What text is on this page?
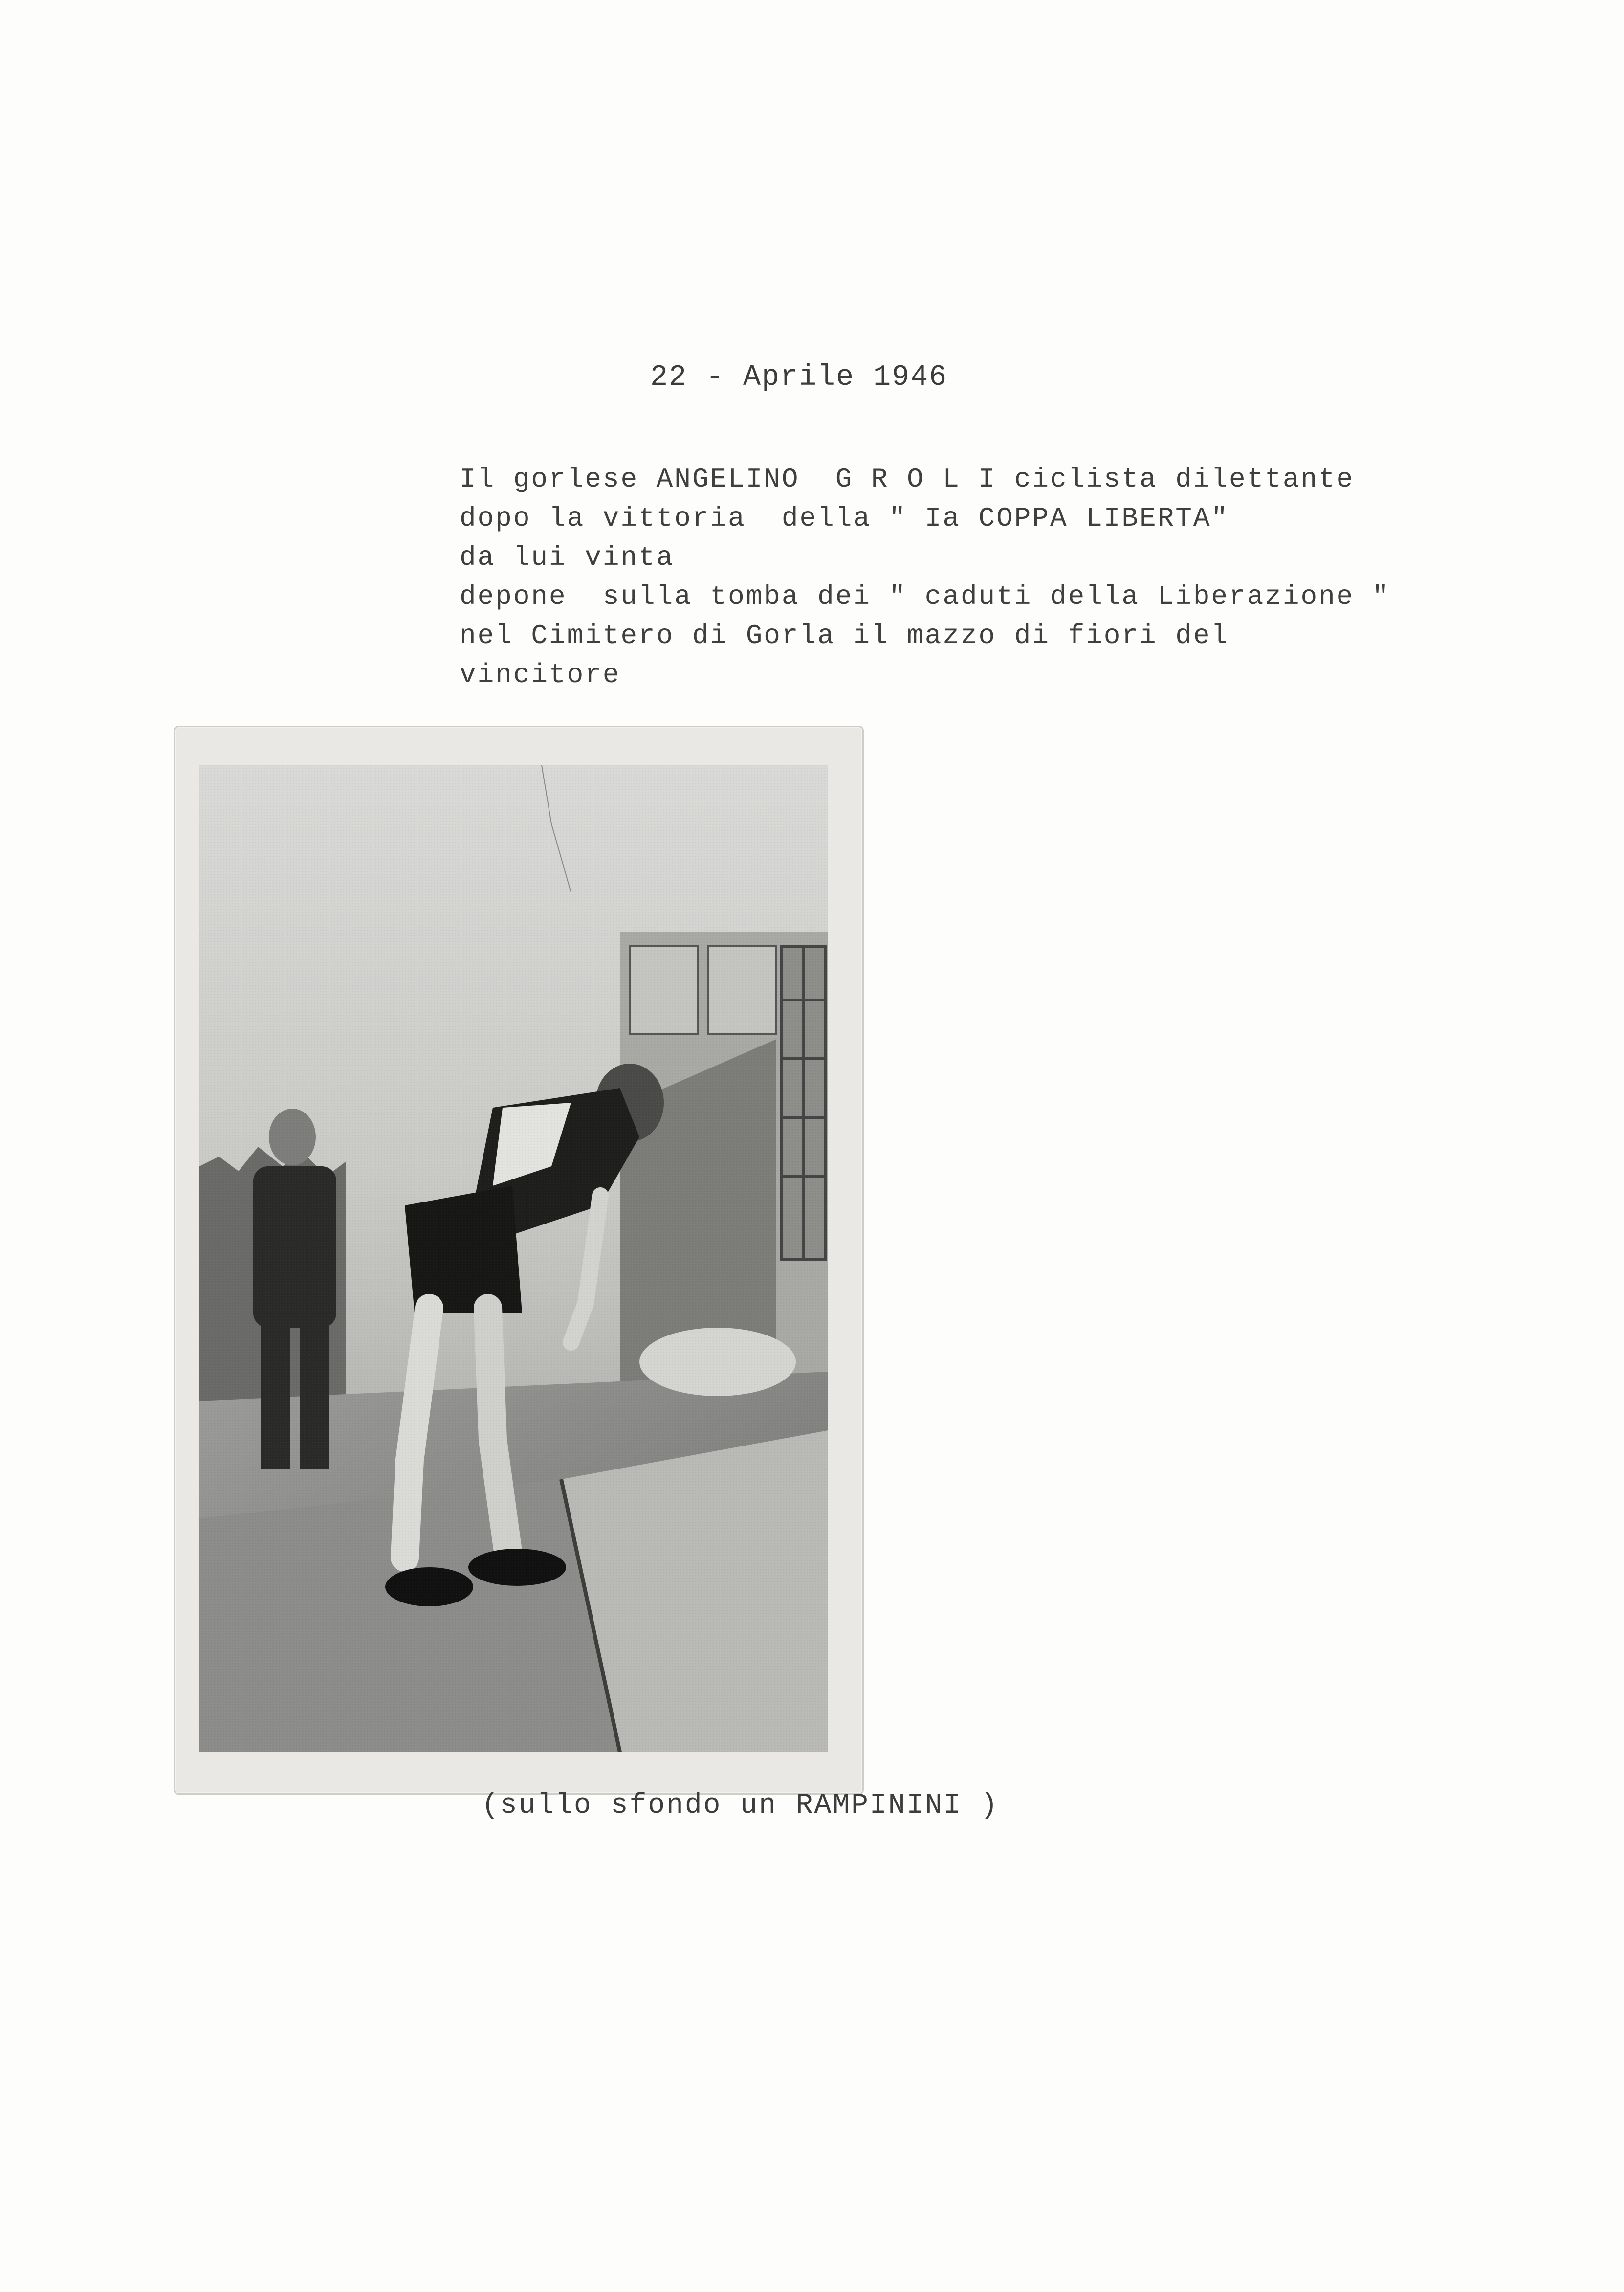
22 - Aprile 1946
Il gorlese ANGELINO  G R O L I ciclista dilettante
dopo la vittoria  della " Ia COPPA LIBERTA"
da lui vinta
depone  sulla tomba dei " caduti della Liberazione "
nel Cimitero di Gorla il mazzo di fiori del
vincitore
(sullo sfondo un RAMPININI )
